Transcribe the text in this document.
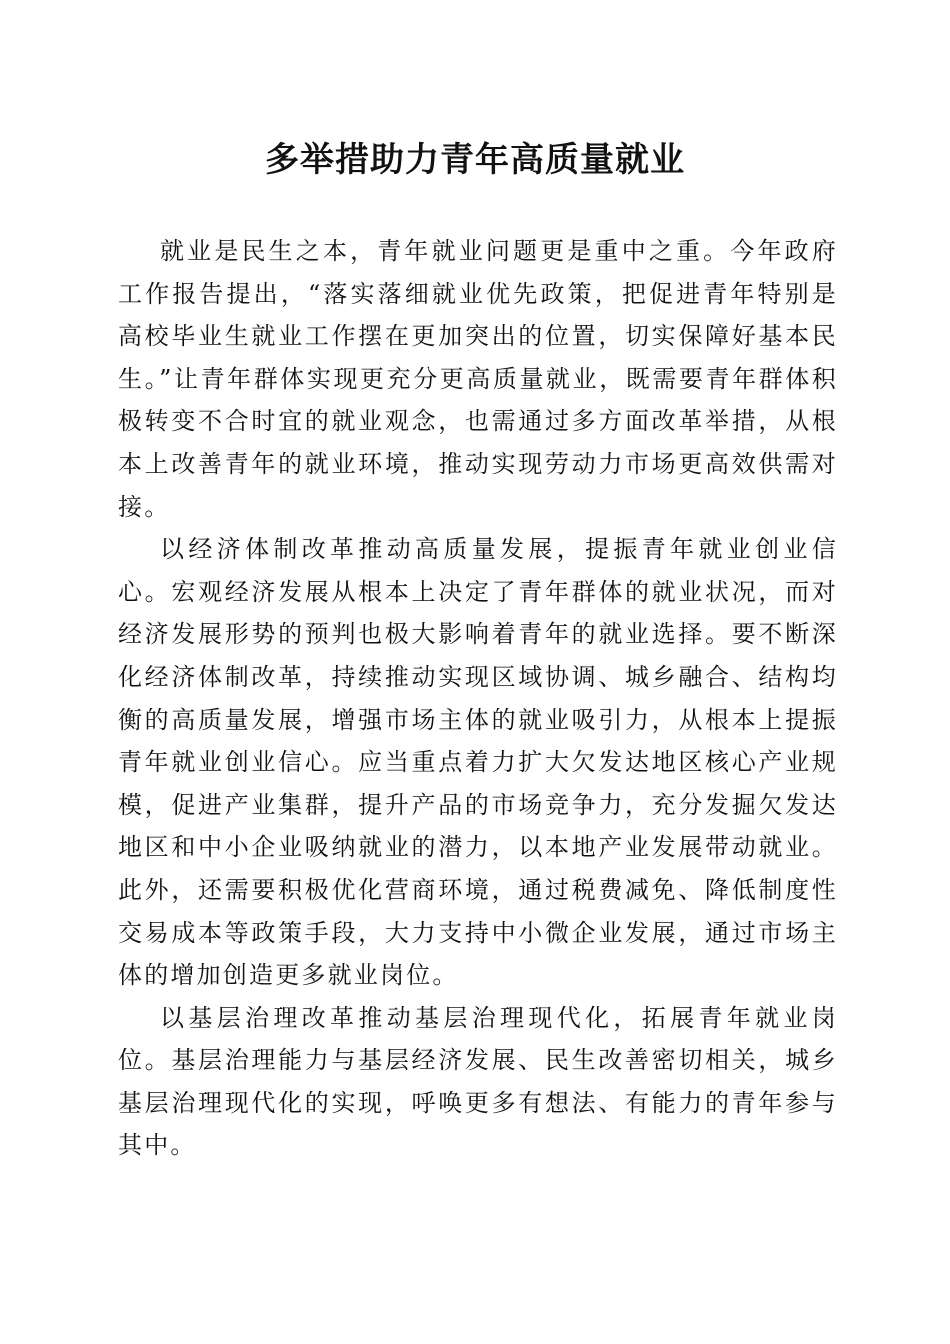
多举措助力青年高质量就业

就业是民生之本，青年就业问题更是重中之重。今年政府工作报告提出，“落实落细就业优先政策，把促进青年特别是高校毕业生就业工作摆在更加突出的位置，切实保障好基本民生。”让青年群体实现更充分更高质量就业，既需要青年群体积极转变不合时宜的就业观念，也需通过多方面改革举措，从根本上改善青年的就业环境，推动实现劳动力市场更高效供需对接。

以经济体制改革推动高质量发展，提振青年就业创业信心。宏观经济发展从根本上决定了青年群体的就业状况，而对经济发展形势的预判也极大影响着青年的就业选择。要不断深化经济体制改革，持续推动实现区域协调、城乡融合、结构均衡的高质量发展，增强市场主体的就业吸引力，从根本上提振青年就业创业信心。应当重点着力扩大欠发达地区核心产业规模，促进产业集群，提升产品的市场竞争力，充分发掘欠发达地区和中小企业吸纳就业的潜力，以本地产业发展带动就业。此外，还需要积极优化营商环境，通过税费减免、降低制度性交易成本等政策手段，大力支持中小微企业发展，通过市场主体的增加创造更多就业岗位。

以基层治理改革推动基层治理现代化，拓展青年就业岗位。基层治理能力与基层经济发展、民生改善密切相关，城乡基层治理现代化的实现，呼唤更多有想法、有能力的青年参与其中。
